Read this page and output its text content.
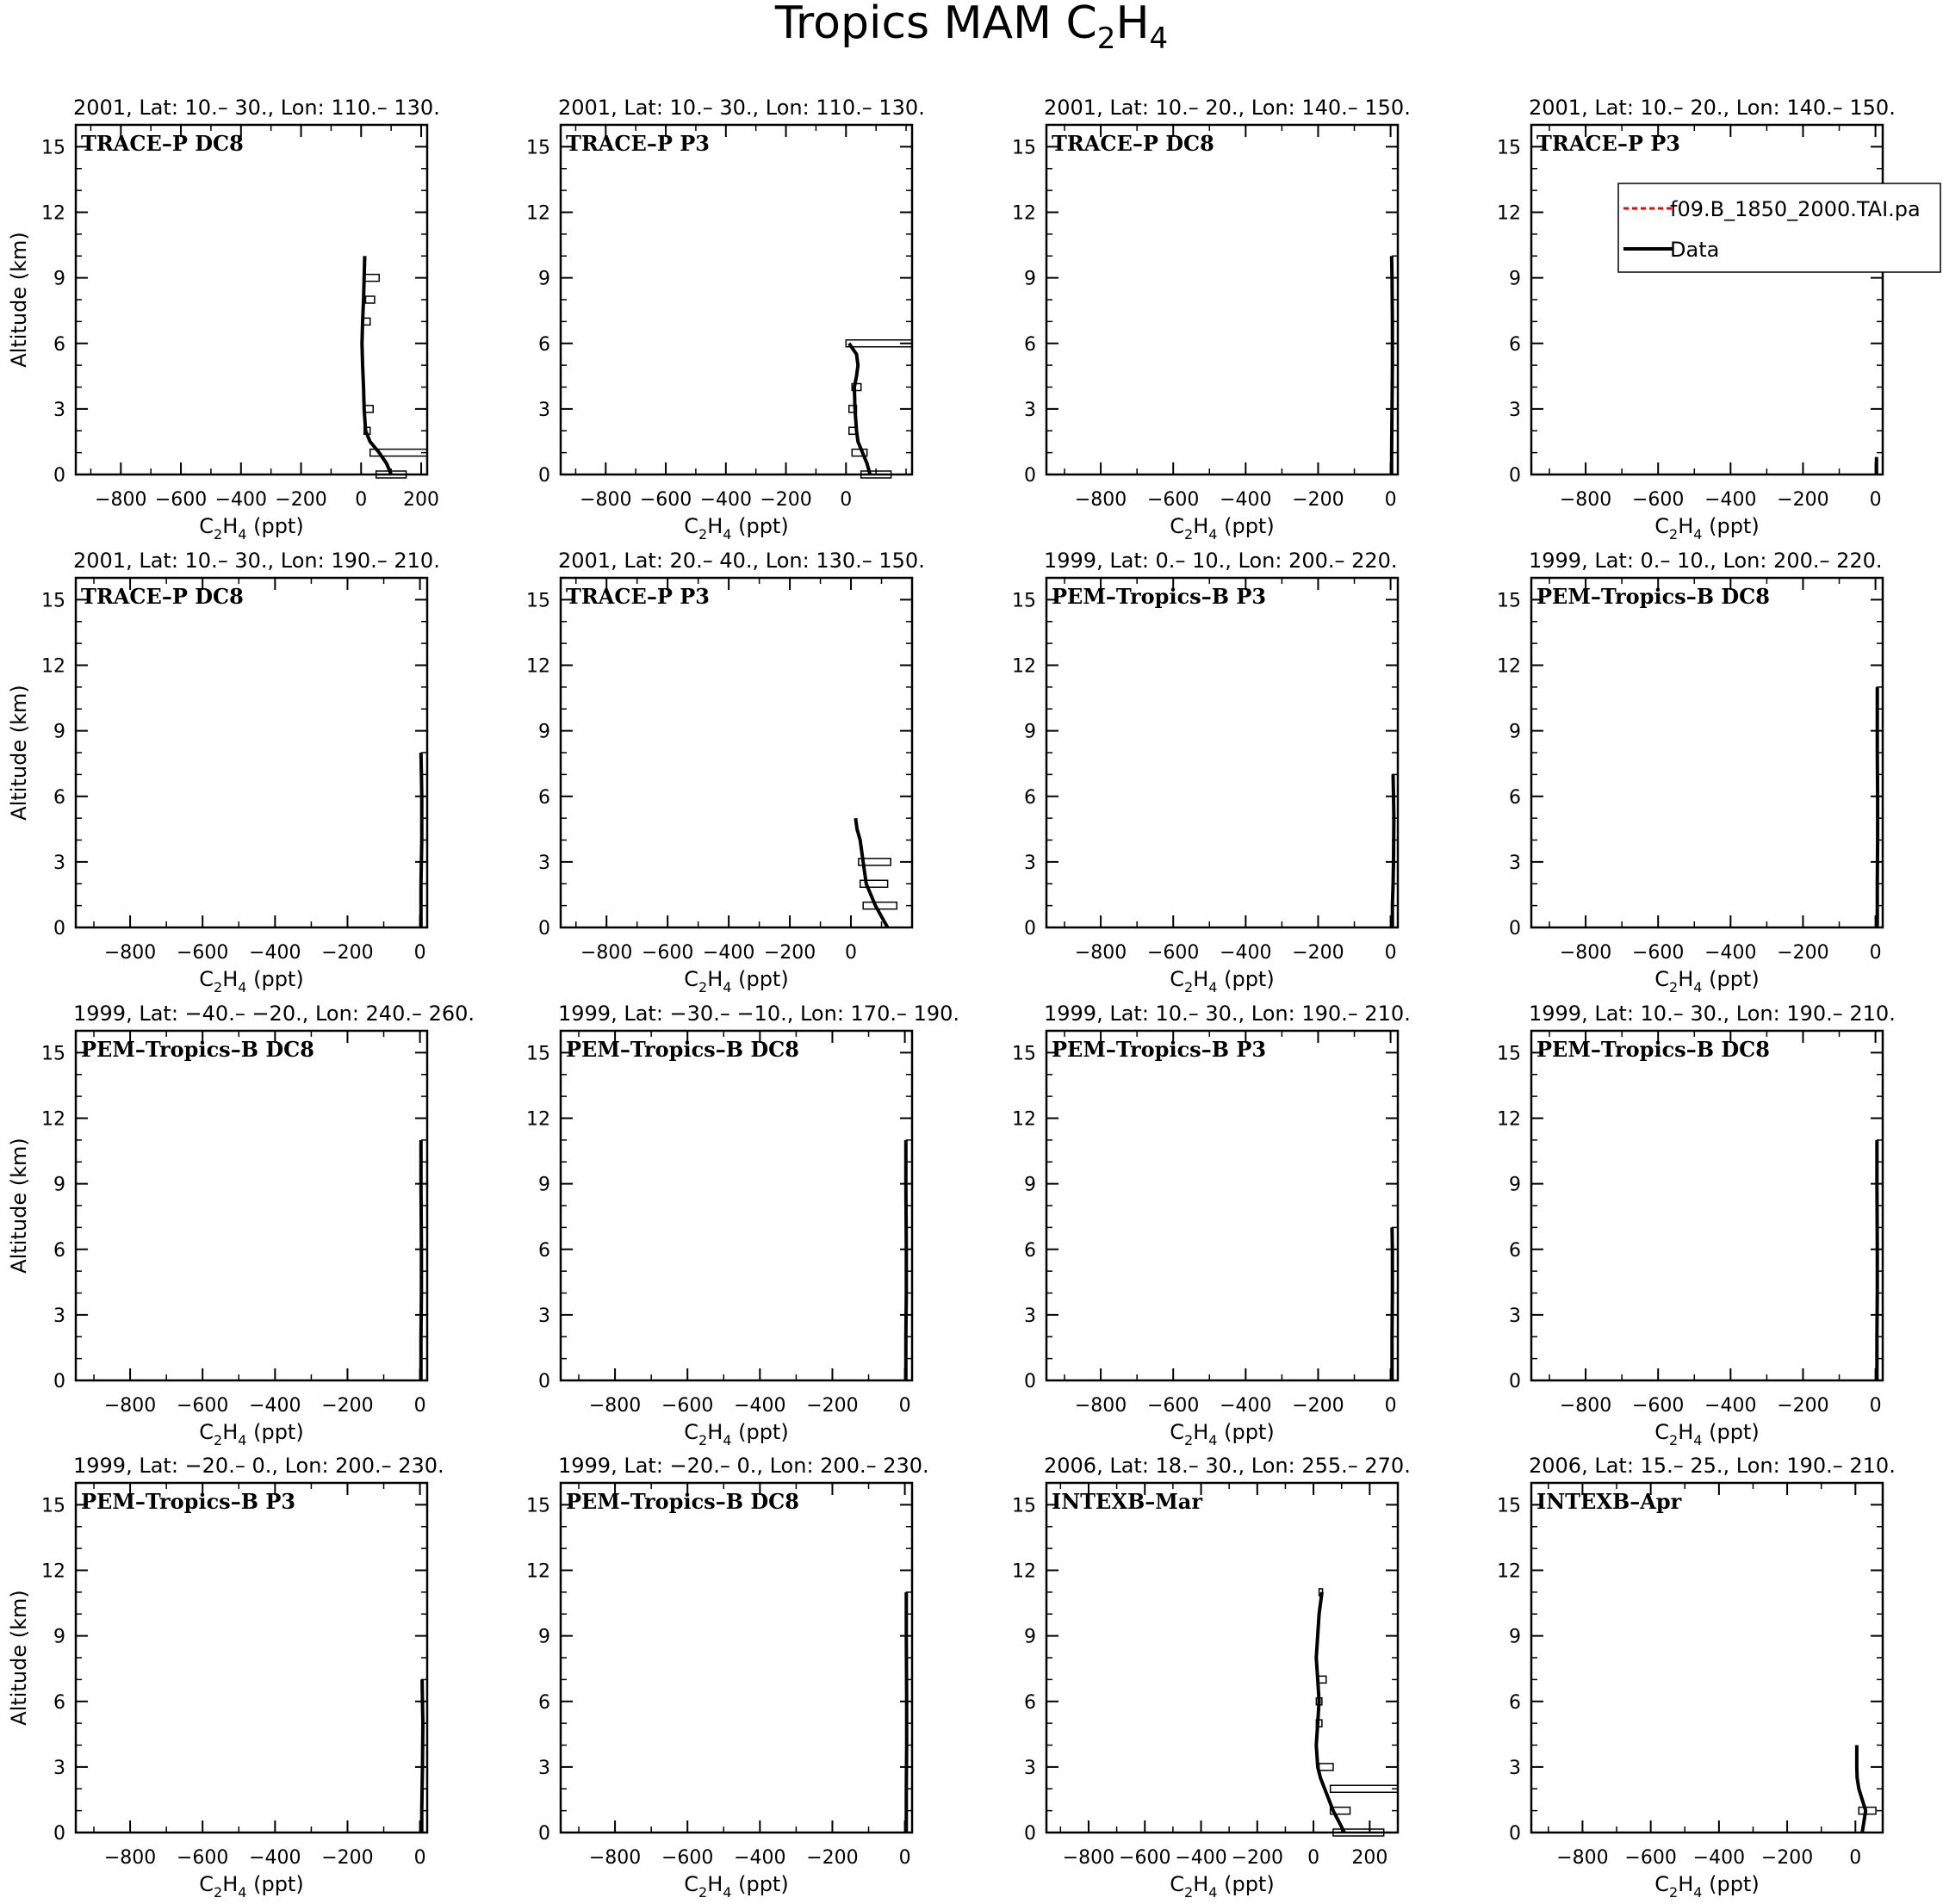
Tropics MAM $C_2H_4$
2001, Lat: 10.– 30., Lon: 110.– 130.
TRACE–P DC8
0
3
6
9
12
15
−800 −600 −400 −200 0 200
$C_2H_4$ (ppt)
Altitude (km)
2001, Lat: 10.– 30., Lon: 110.– 130.
TRACE–P P3
0
3
6
9
12
15
−800 −600 −400 −200 0
$C_2H_4$ (ppt)
2001, Lat: 10.– 20., Lon: 140.– 150.
TRACE–P DC8
0
3
6
9
12
15
−800 −600 −400 −200 0
$C_2H_4$ (ppt)
2001, Lat: 10.– 20., Lon: 140.– 150.
TRACE–P P3
0
3
6
9
12
15
−800 −600 −400 −200 0
$C_2H_4$ (ppt)
f09.B_1850_2000.TAI.pa
Data
2001, Lat: 10.– 30., Lon: 190.– 210.
TRACE–P DC8
0
3
6
9
12
15
−800 −600 −400 −200 0
$C_2H_4$ (ppt)
Altitude (km)
2001, Lat: 20.– 40., Lon: 130.– 150.
TRACE–P P3
0
3
6
9
12
15
−800 −600 −400 −200 0
$C_2H_4$ (ppt)
1999, Lat: 0.– 10., Lon: 200.– 220.
PEM–Tropics–B P3
0
3
6
9
12
15
−800 −600 −400 −200 0
$C_2H_4$ (ppt)
1999, Lat: 0.– 10., Lon: 200.– 220.
PEM–Tropics–B DC8
0
3
6
9
12
15
−800 −600 −400 −200 0
$C_2H_4$ (ppt)
1999, Lat: −40.– −20., Lon: 240.– 260.
PEM–Tropics–B DC8
0
3
6
9
12
15
−800 −600 −400 −200 0
$C_2H_4$ (ppt)
Altitude (km)
1999, Lat: −30.– −10., Lon: 170.– 190.
PEM–Tropics–B DC8
0
3
6
9
12
15
−800 −600 −400 −200 0
$C_2H_4$ (ppt)
1999, Lat: 10.– 30., Lon: 190.– 210.
PEM–Tropics–B P3
0
3
6
9
12
15
−800 −600 −400 −200 0
$C_2H_4$ (ppt)
1999, Lat: 10.– 30., Lon: 190.– 210.
PEM–Tropics–B DC8
0
3
6
9
12
15
−800 −600 −400 −200 0
$C_2H_4$ (ppt)
1999, Lat: −20.– 0., Lon: 200.– 230.
PEM–Tropics–B P3
0
3
6
9
12
15
−800 −600 −400 −200 0
$C_2H_4$ (ppt)
Altitude (km)
1999, Lat: −20.– 0., Lon: 200.– 230.
PEM–Tropics–B DC8
0
3
6
9
12
15
−800 −600 −400 −200 0
$C_2H_4$ (ppt)
2006, Lat: 18.– 30., Lon: 255.– 270.
INTEXB–Mar
0
3
6
9
12
15
−800 −600 −400 −200 0 200
$C_2H_4$ (ppt)
2006, Lat: 15.– 25., Lon: 190.– 210.
INTEXB–Apr
0
3
6
9
12
15
−800 −600 −400 −200 0
$C_2H_4$ (ppt)
